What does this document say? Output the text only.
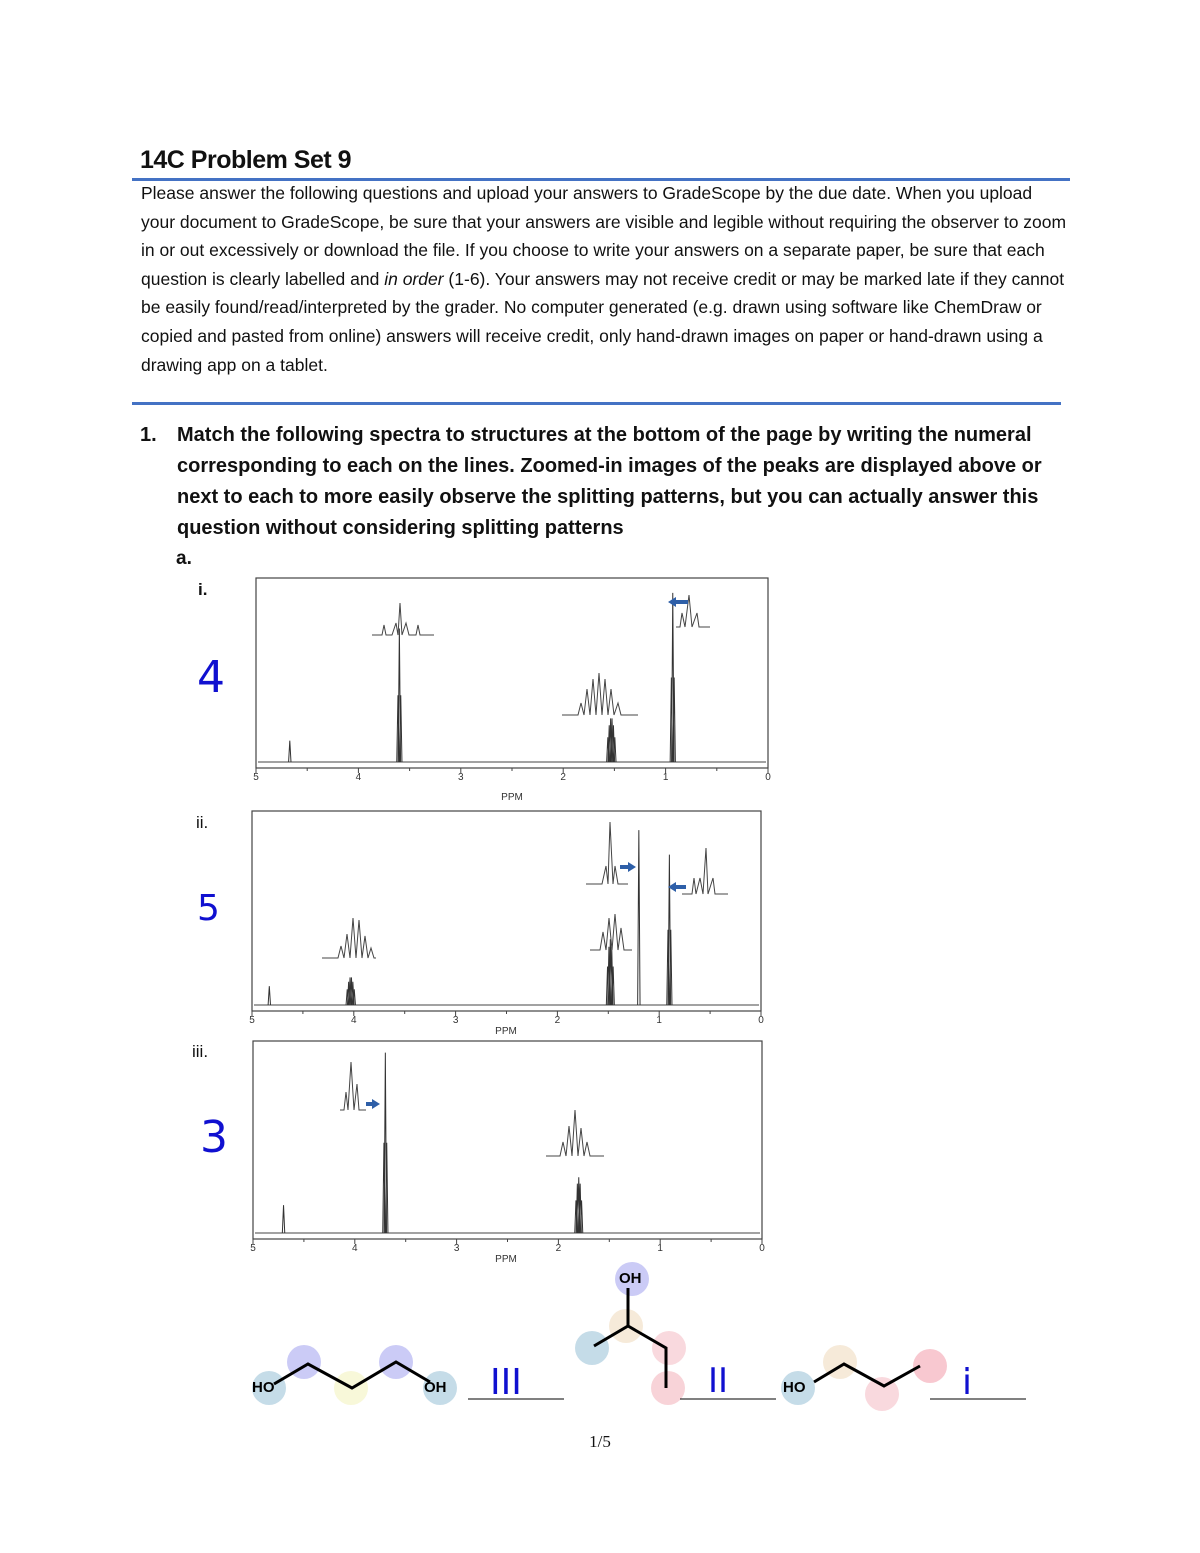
14C Problem Set 9

Please answer the following questions and upload your answers to GradeScope by the due date. When you upload your document to GradeScope, be sure that your answers are visible and legible without requiring the observer to zoom in or out excessively or download the file. If you choose to write your answers on a separate paper, be sure that each question is clearly labelled and in order (1-6). Your answers may not receive credit or may be marked late if they cannot be easily found/read/interpreted by the grader. No computer generated (e.g. drawn using software like ChemDraw or copied and pasted from online) answers will receive credit, only hand-drawn images on paper or hand-drawn using a drawing app on a tablet.

1. Match the following spectra to structures at the bottom of the page by writing the numeral corresponding to each on the lines. Zoomed-in images of the peaks are displayed above or next to each to more easily observe the splitting patterns, but you can actually answer this question without considering splitting patterns
a.
i.
4
ii.
5
iii.
3
5	4	3	2	1	0
PPM
5	4	3	2	1	0
PPM
5	4	3	2	1	0
PPM
HO	OH III
OH
II	HO	i
1/5
